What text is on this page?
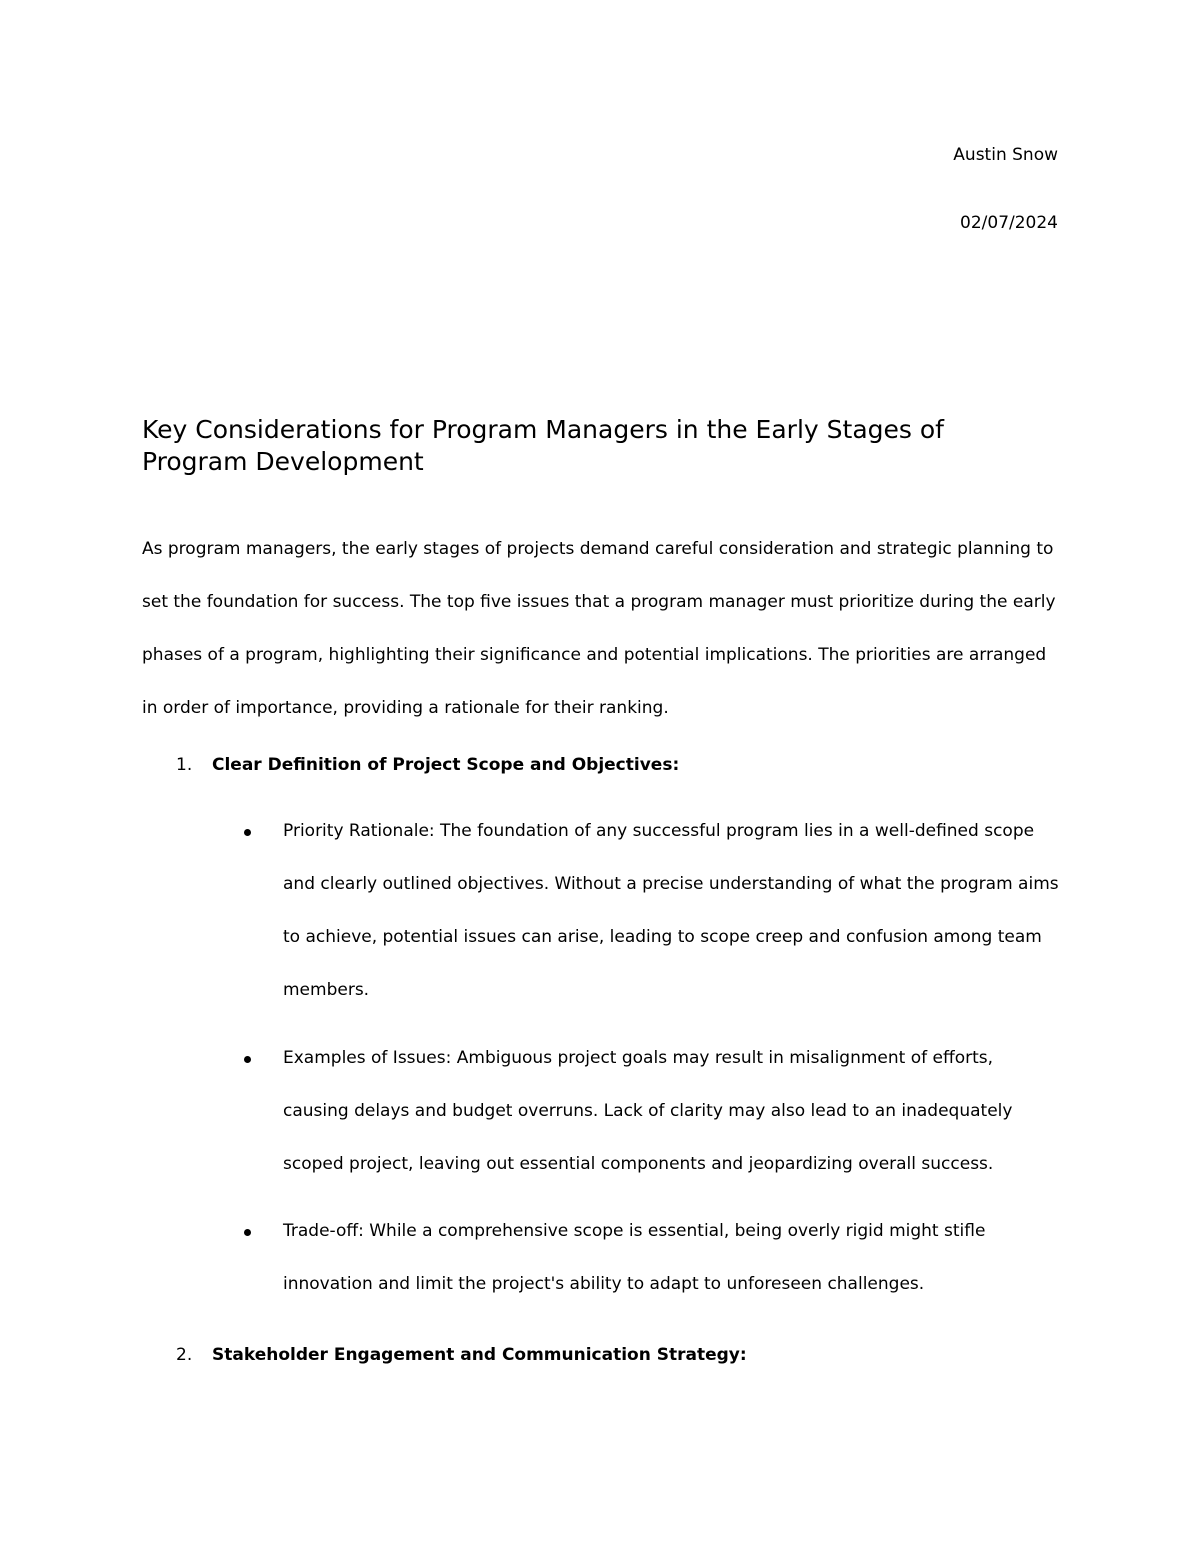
Austin Snow
02/07/2024
Key Considerations for Program Managers in the Early Stages of Program Development

As program managers, the early stages of projects demand careful consideration and strategic planning to set the foundation for success. The top five issues that a program manager must prioritize during the early phases of a program, highlighting their significance and potential implications. The priorities are arranged in order of importance, providing a rationale for their ranking.

1. Clear Definition of Project Scope and Objectives:

Priority Rationale: The foundation of any successful program lies in a well-defined scope and clearly outlined objectives. Without a precise understanding of what the program aims to achieve, potential issues can arise, leading to scope creep and confusion among team members.

Examples of Issues: Ambiguous project goals may result in misalignment of efforts, causing delays and budget overruns. Lack of clarity may also lead to an inadequately scoped project, leaving out essential components and jeopardizing overall success.

Trade-off: While a comprehensive scope is essential, being overly rigid might stifle innovation and limit the project's ability to adapt to unforeseen challenges.

2. Stakeholder Engagement and Communication Strategy:
